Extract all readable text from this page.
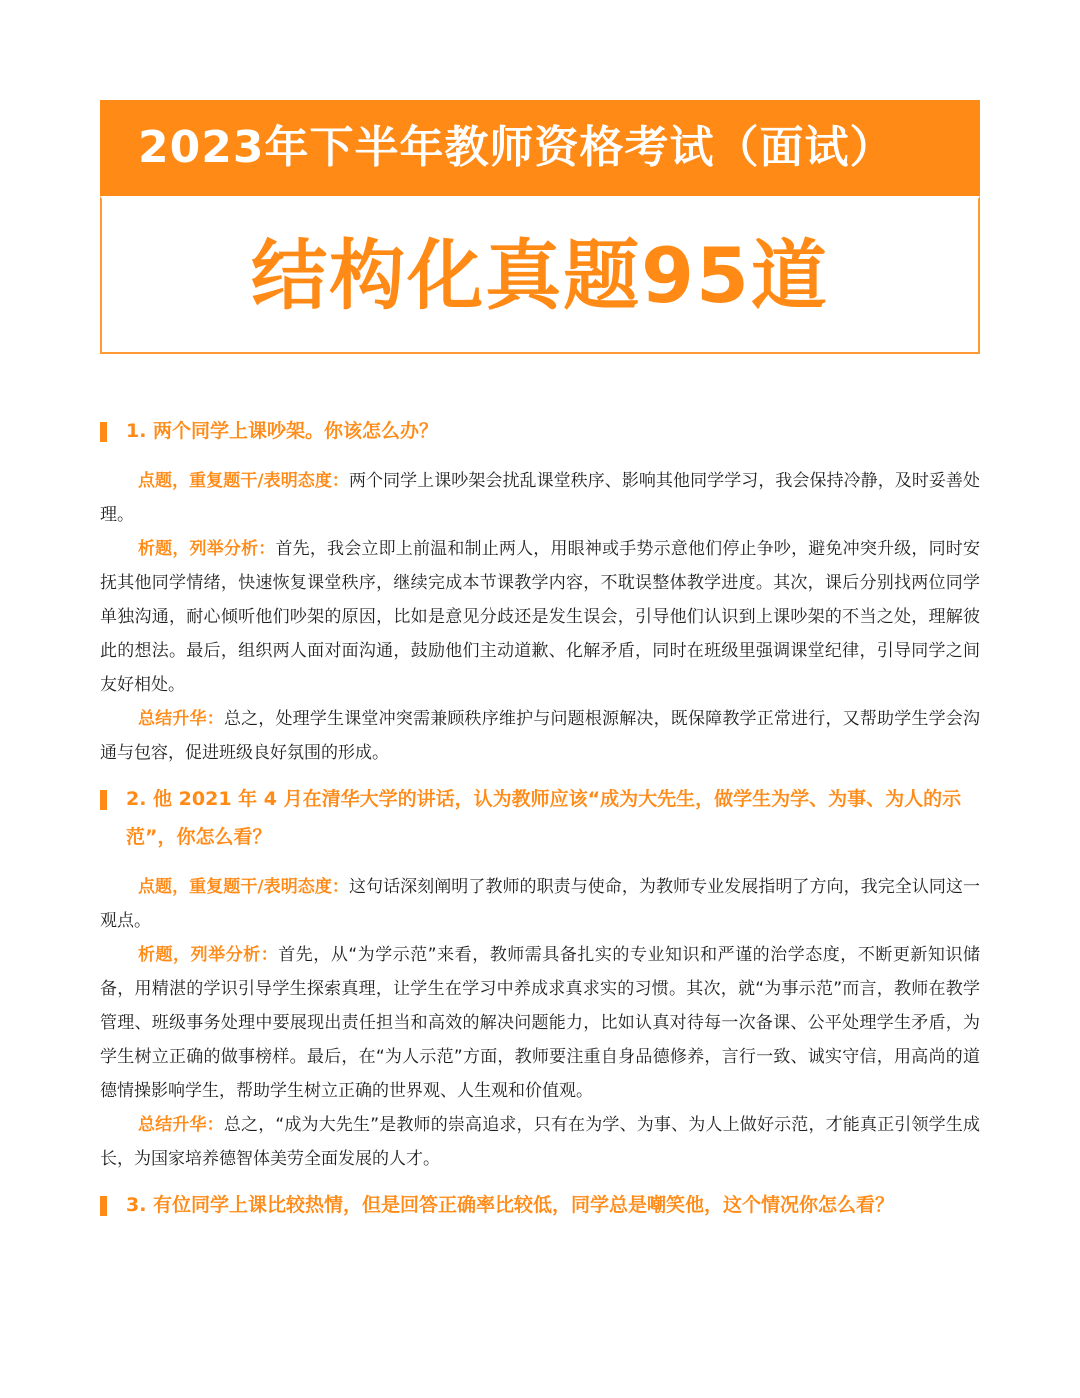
2023年下半年教师资格考试（面试）
结构化真题95道
1. 两个同学上课吵架。你该怎么办？

点题，重复题干/表明态度：两个同学上课吵架会扰乱课堂秩序、影响其他同学学习，我会保持冷静，及时妥善处理。

析题，列举分析：首先，我会立即上前温和制止两人，用眼神或手势示意他们停止争吵，避免冲突升级，同时安抚其他同学情绪，快速恢复课堂秩序，继续完成本节课教学内容，不耽误整体教学进度。其次，课后分别找两位同学单独沟通，耐心倾听他们吵架的原因，比如是意见分歧还是发生误会，引导他们认识到上课吵架的不当之处，理解彼此的想法。最后，组织两人面对面沟通，鼓励他们主动道歉、化解矛盾，同时在班级里强调课堂纪律，引导同学之间友好相处。

总结升华：总之，处理学生课堂冲突需兼顾秩序维护与问题根源解决，既保障教学正常进行，又帮助学生学会沟通与包容，促进班级良好氛围的形成。

2. 他 2021 年 4 月在清华大学的讲话，认为教师应该“成为大先生，做学生为学、为事、为人的示范”，你怎么看？

点题，重复题干/表明态度：这句话深刻阐明了教师的职责与使命，为教师专业发展指明了方向，我完全认同这一观点。

析题，列举分析：首先，从“为学示范”来看，教师需具备扎实的专业知识和严谨的治学态度，不断更新知识储备，用精湛的学识引导学生探索真理，让学生在学习中养成求真求实的习惯。其次，就“为事示范”而言，教师在教学管理、班级事务处理中要展现出责任担当和高效的解决问题能力，比如认真对待每一次备课、公平处理学生矛盾，为学生树立正确的做事榜样。最后，在“为人示范”方面，教师要注重自身品德修养，言行一致、诚实守信，用高尚的道德情操影响学生，帮助学生树立正确的世界观、人生观和价值观。

总结升华：总之，“成为大先生”是教师的崇高追求，只有在为学、为事、为人上做好示范，才能真正引领学生成长，为国家培养德智体美劳全面发展的人才。

3. 有位同学上课比较热情，但是回答正确率比较低，同学总是嘲笑他，这个情况你怎么看？
